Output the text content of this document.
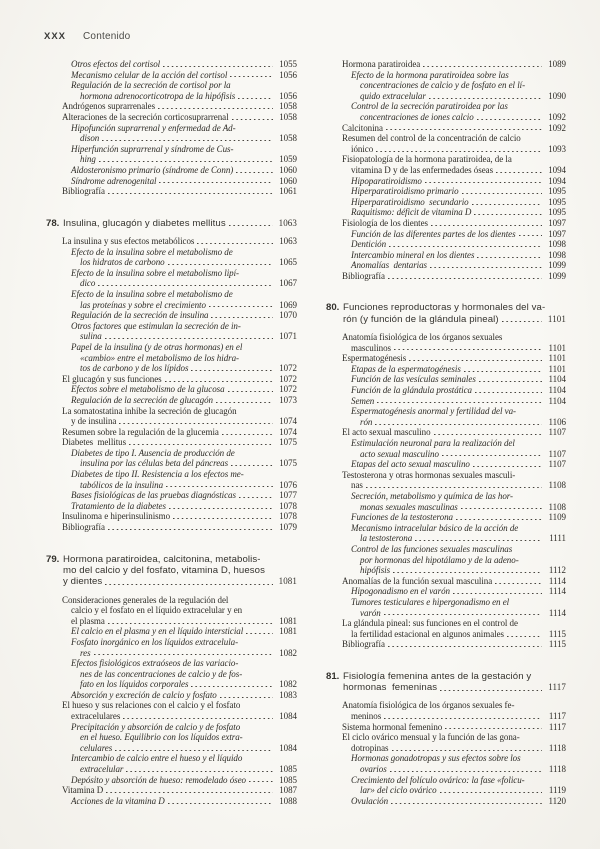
XXX Contenido
Otros efectos del cortisol	1055
Mecanismo celular de la acción del cortisol	1056
Regulación de la secreción de cortisol por la
hormona adrenocorticotropa de la hipófisis	1056
Andrógenos suprarrenales	1058
Alteraciones de la secreción corticosuprarrenal	1058
Hipofunción suprarrenal y enfermedad de Ad-
dison	1058
Hiperfunción suprarrenal y síndrome de Cus-
hing	1059
Aldosteronismo primario (síndrome de Conn)	1060
Síndrome adrenogenital	1060
Bibliografía	1061
78. Insulina, glucagón y diabetes mellitus	1063
La insulina y sus efectos metabólicos	1063
Efecto de la insulina sobre el metabolismo de
los hidratos de carbono	1065
Efecto de la insulina sobre el metabolismo lipí-
dico	1067
Efecto de la insulina sobre el metabolismo de
las proteínas y sobre el crecimiento	1069
Regulación de la secreción de insulina	1070
Otros factores que estimulan la secreción de in-
sulina	1071
Papel de la insulina (y de otras hormonas) en el
«cambio» entre el metabolismo de los hidra-
tos de carbono y de los lípidos	1072
El glucagón y sus funciones	1072
Efectos sobre el metabolismo de la glucosa	1072
Regulación de la secreción de glucagón	1073
La somatostatina inhibe la secreción de glucagón
y de insulina	1074
Resumen sobre la regulación de la glucemia	1074
Diabetes  mellitus	1075
Diabetes de tipo I. Ausencia de producción de
insulina por las células beta del páncreas	1075
Diabetes de tipo II. Resistencia a los efectos me-
tabólicos de la insulina	1076
Bases fisiológicas de las pruebas diagnósticas	1077
Tratamiento de la diabetes	1078
Insulinoma e hiperinsulinismo	1078
Bibliografía	1079
79. Hormona paratiroidea, calcitonina, metabolis-
mo del calcio y del fosfato, vitamina D, huesos
y dientes	1081
Consideraciones generales de la regulación del
calcio y el fosfato en el líquido extracelular y en
el plasma	1081
El calcio en el plasma y en el líquido intersticial	1081
Fosfato inorgánico en los líquidos extracelula-
res	1082
Efectos fisiológicos extraóseos de las variacio-
nes de las concentraciones de calcio y de fos-
fato en los líquidos corporales	1082
Absorción y excreción de calcio y fosfato	1083
El hueso y sus relaciones con el calcio y el fosfato
extracelulares	1084
Precipitación y absorción de calcio y de fosfato
en el hueso. Equilibrio con los líquidos extra-
celulares	1084
Intercambio de calcio entre el hueso y el líquido
extracelular	1085
Depósito y absorción de hueso: remodelado óseo	1085
Vitamina D	1087
Acciones de la vitamina D	1088
Hormona paratiroidea	1089
Efecto de la hormona paratiroidea sobre las
concentraciones de calcio y de fosfato en el lí-
quido extracelular	1090
Control de la secreción paratiroidea por las
concentraciones de iones calcio	1092
Calcitonina	1092
Resumen del control de la concentración de calcio
iónico	1093
Fisiopatología de la hormona paratiroidea, de la
vitamina D y de las enfermedades óseas	1094
Hipoparatiroidismo	1094
Hiperparatiroidismo primario	1095
Hiperparatiroidismo  secundario	1095
Raquitismo: déficit de vitamina D	1095
Fisiología de los dientes	1097
Función de las diferentes partes de los dientes	1097
Dentición	1098
Intercambio mineral en los dientes	1098
Anomalías  dentarias	1099
Bibliografía	1099
80. Funciones reproductoras y hormonales del va-
rón (y función de la glándula pineal)	1101
Anatomía fisiológica de los órganos sexuales
masculinos	1101
Espermatogénesis	1101
Etapas de la espermatogénesis	1101
Función de las vesículas seminales	1104
Función de la glándula prostática	1104
Semen	1104
Espermatogénesis anormal y fertilidad del va-
rón	1106
El acto sexual masculino	1107
Estimulación neuronal para la realización del
acto sexual masculino	1107
Etapas del acto sexual masculino	1107
Testosterona y otras hormonas sexuales masculi-
nas	1108
Secreción, metabolismo y química de las hor-
monas sexuales masculinas	1108
Funciones de la testosterona	1109
Mecanismo intracelular básico de la acción de
la testosterona	1111
Control de las funciones sexuales masculinas
por hormonas del hipotálamo y de la adeno-
hipófisis	1112
Anomalías de la función sexual masculina	1114
Hipogonadismo en el varón	1114
Tumores testiculares e hipergonadismo en el
varón	1114
La glándula pineal: sus funciones en el control de
la fertilidad estacional en algunos animales	1115
Bibliografía	1115
81. Fisiología femenina antes de la gestación y
hormonas  femeninas	1117
Anatomía fisiológica de los órganos sexuales fe-
meninos	1117
Sistema hormonal femenino	1117
El ciclo ovárico mensual y la función de las gona-
dotropinas	1118
Hormonas gonadotropas y sus efectos sobre los
ovarios	1118
Crecimiento del folículo ovárico: la fase «folicu-
lar» del ciclo ovárico	1119
Ovulación	1120
